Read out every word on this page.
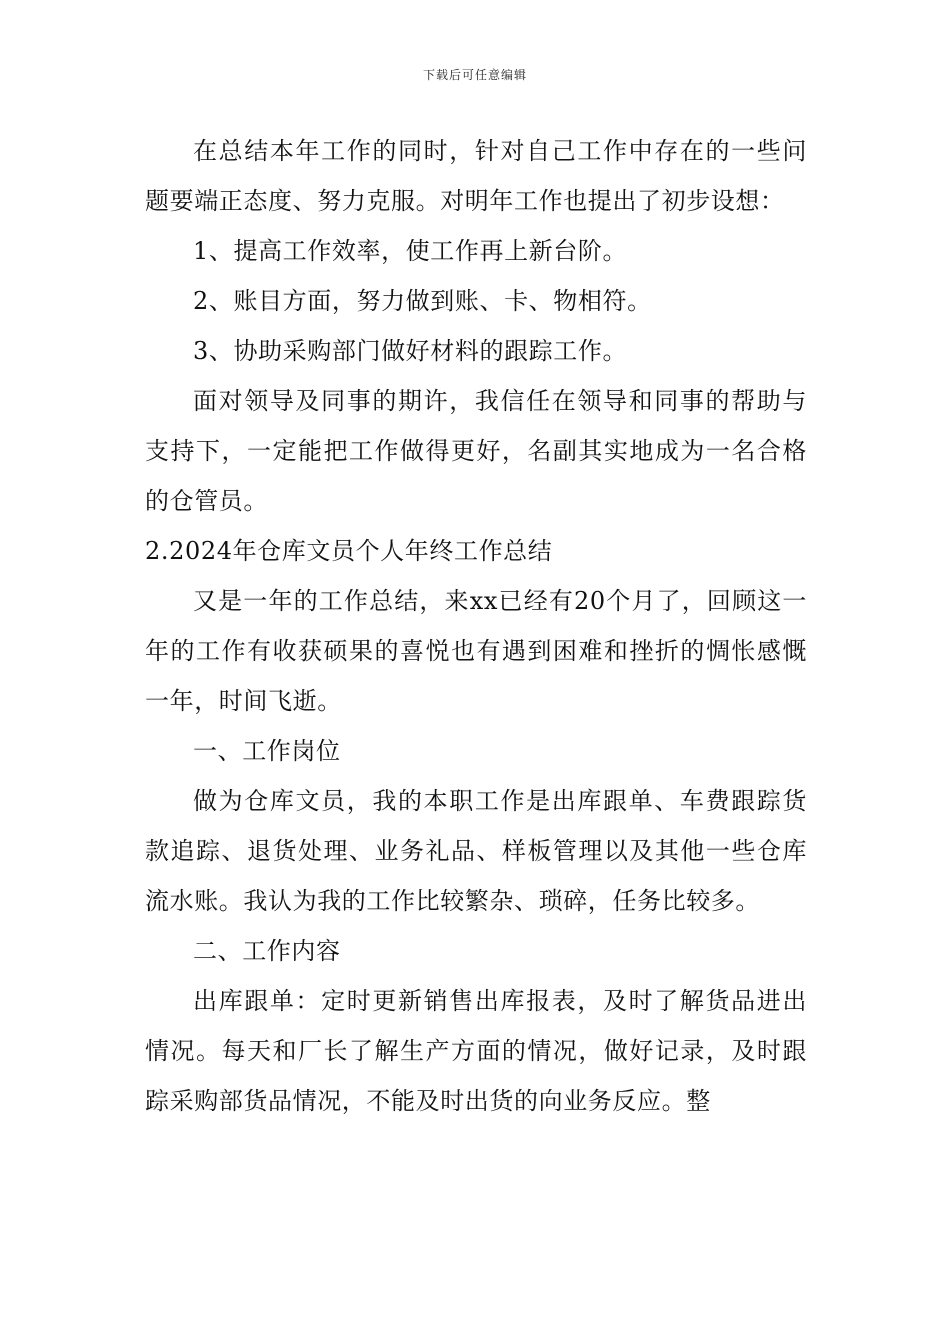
下载后可任意编辑

在总结本年工作的同时，针对自己工作中存在的一些问题要端正态度、努力克服。对明年工作也提出了初步设想：

1、提高工作效率，使工作再上新台阶。

2、账目方面，努力做到账、卡、物相符。

3、协助采购部门做好材料的跟踪工作。

面对领导及同事的期许，我信任在领导和同事的帮助与支持下，一定能把工作做得更好，名副其实地成为一名合格的仓管员。

2.2024年仓库文员个人年终工作总结

又是一年的工作总结，来xx已经有20个月了，回顾这一年的工作有收获硕果的喜悦也有遇到困难和挫折的惆怅感慨一年，时间飞逝。

一、工作岗位

做为仓库文员，我的本职工作是出库跟单、车费跟踪货款追踪、退货处理、业务礼品、样板管理以及其他一些仓库流水账。我认为我的工作比较繁杂、琐碎，任务比较多。

二、工作内容

出库跟单：定时更新销售出库报表，及时了解货品进出情况。每天和厂长了解生产方面的情况，做好记录，及时跟踪采购部货品情况，不能及时出货的向业务反应。整
